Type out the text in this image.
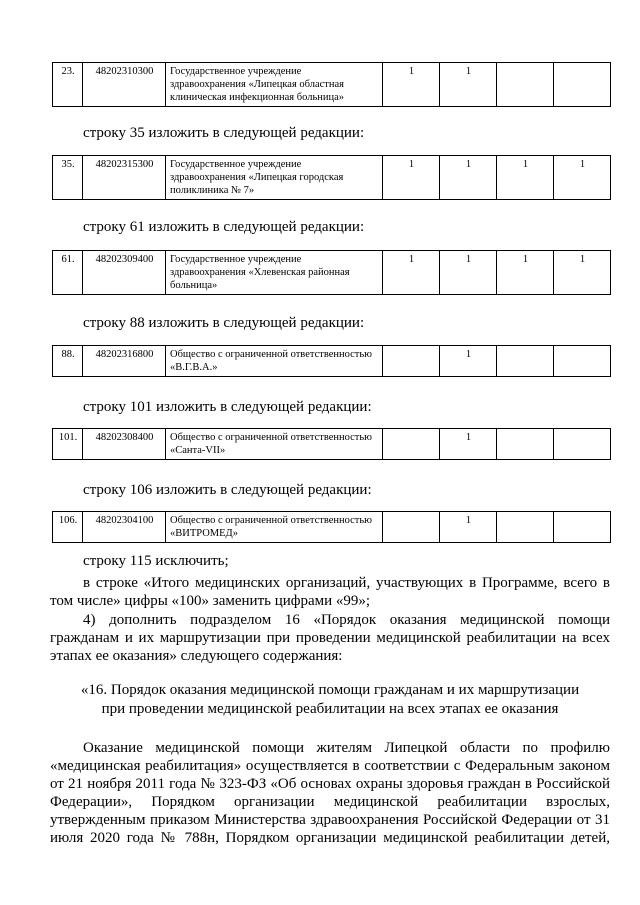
23.	48202310300	Государственное учреждение здравоохранения «Липецкая областная клиническая инфекционная больница»	1	1		
строку 35 изложить в следующей редакции:
35.	48202315300	Государственное учреждение здравоохранения «Липецкая городская поликлиника № 7»	1	1	1	1
строку 61 изложить в следующей редакции:
61.	48202309400	Государственное учреждение здравоохранения «Хлевенская районная больница»	1	1	1	1
строку 88 изложить в следующей редакции:
88.	48202316800	Общество с ограниченной ответственностью «В.Г.В.А.»		1		
строку 101 изложить в следующей редакции:
101.	48202308400	Общество с ограниченной ответственностью «Санта-VII»		1		
строку 106 изложить в следующей редакции:
106.	48202304100	Общество с ограниченной ответственностью «ВИТРОМЕД»		1		
строку 115 исключить;
в строке «Итого медицинских организаций, участвующих в Программе, всего в
том числе» цифры «100» заменить цифрами «99»;
4) дополнить подразделом 16 «Порядок оказания медицинской помощи
гражданам и их маршрутизации при проведении медицинской реабилитации на всех
этапах ее оказания» следующего содержания:
«16. Порядок оказания медицинской помощи гражданам и их маршрутизации
при проведении медицинской реабилитации на всех этапах ее оказания
Оказание медицинской помощи жителям Липецкой области по профилю
«медицинская реабилитация» осуществляется в соответствии с Федеральным законом
от 21 ноября 2011 года № 323-ФЗ «Об основах охраны здоровья граждан в Российской
Федерации», Порядком организации медицинской реабилитации взрослых,
утвержденным приказом Министерства здравоохранения Российской Федерации от 31
июля 2020 года № 788н, Порядком организации медицинской реабилитации детей,
